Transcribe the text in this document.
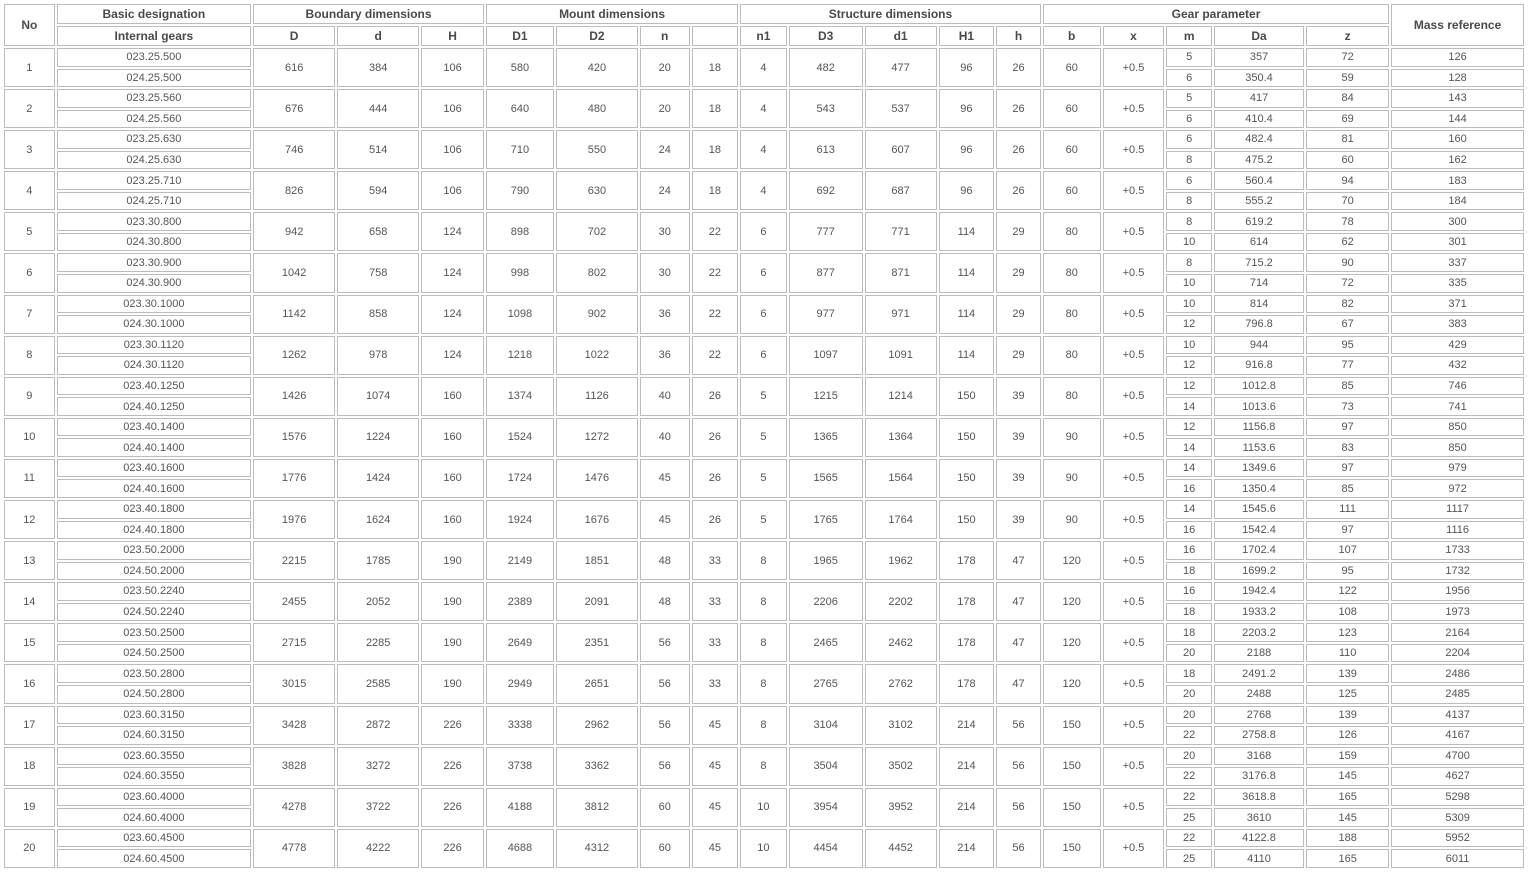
No	Basic designation	Boundary dimensions			Mount dimensions				Structure dimensions					Gear parameter					Mass reference
	Internal gears	D	d	H	D1	D2	n		n1	D3	d1	H1	h	b	x	m	Da	z	
1	023.25.500	616	384	106	580	420	20	18	4	482	477	96	26	60	+0.5	5	357	72	126
	024.25.500															6	350.4	59	128
2	023.25.560	676	444	106	640	480	20	18	4	543	537	96	26	60	+0.5	5	417	84	143
	024.25.560															6	410.4	69	144
3	023.25.630	746	514	106	710	550	24	18	4	613	607	96	26	60	+0.5	6	482.4	81	160
	024.25.630															8	475.2	60	162
4	023.25.710	826	594	106	790	630	24	18	4	692	687	96	26	60	+0.5	6	560.4	94	183
	024.25.710															8	555.2	70	184
5	023.30.800	942	658	124	898	702	30	22	6	777	771	114	29	80	+0.5	8	619.2	78	300
	024.30.800															10	614	62	301
6	023.30.900	1042	758	124	998	802	30	22	6	877	871	114	29	80	+0.5	8	715.2	90	337
	024.30.900															10	714	72	335
7	023.30.1000	1142	858	124	1098	902	36	22	6	977	971	114	29	80	+0.5	10	814	82	371
	024.30.1000															12	796.8	67	383
8	023.30.1120	1262	978	124	1218	1022	36	22	6	1097	1091	114	29	80	+0.5	10	944	95	429
	024.30.1120															12	916.8	77	432
9	023.40.1250	1426	1074	160	1374	1126	40	26	5	1215	1214	150	39	80	+0.5	12	1012.8	85	746
	024.40.1250															14	1013.6	73	741
10	023.40.1400	1576	1224	160	1524	1272	40	26	5	1365	1364	150	39	90	+0.5	12	1156.8	97	850
	024.40.1400															14	1153.6	83	850
11	023.40.1600	1776	1424	160	1724	1476	45	26	5	1565	1564	150	39	90	+0.5	14	1349.6	97	979
	024.40.1600															16	1350.4	85	972
12	023.40.1800	1976	1624	160	1924	1676	45	26	5	1765	1764	150	39	90	+0.5	14	1545.6	111	1117
	024.40.1800															16	1542.4	97	1116
13	023.50.2000	2215	1785	190	2149	1851	48	33	8	1965	1962	178	47	120	+0.5	16	1702.4	107	1733
	024.50.2000															18	1699.2	95	1732
14	023.50.2240	2455	2052	190	2389	2091	48	33	8	2206	2202	178	47	120	+0.5	16	1942.4	122	1956
	024.50.2240															18	1933.2	108	1973
15	023.50.2500	2715	2285	190	2649	2351	56	33	8	2465	2462	178	47	120	+0.5	18	2203.2	123	2164
	024.50.2500															20	2188	110	2204
16	023.50.2800	3015	2585	190	2949	2651	56	33	8	2765	2762	178	47	120	+0.5	18	2491.2	139	2486
	024.50.2800															20	2488	125	2485
17	023.60.3150	3428	2872	226	3338	2962	56	45	8	3104	3102	214	56	150	+0.5	20	2768	139	4137
	024.60.3150															22	2758.8	126	4167
18	023.60.3550	3828	3272	226	3738	3362	56	45	8	3504	3502	214	56	150	+0.5	20	3168	159	4700
	024.60.3550															22	3176.8	145	4627
19	023.60.4000	4278	3722	226	4188	3812	60	45	10	3954	3952	214	56	150	+0.5	22	3618.8	165	5298
	024.60.4000															25	3610	145	5309
20	023.60.4500	4778	4222	226	4688	4312	60	45	10	4454	4452	214	56	150	+0.5	22	4122.8	188	5952
	024.60.4500															25	4110	165	6011
